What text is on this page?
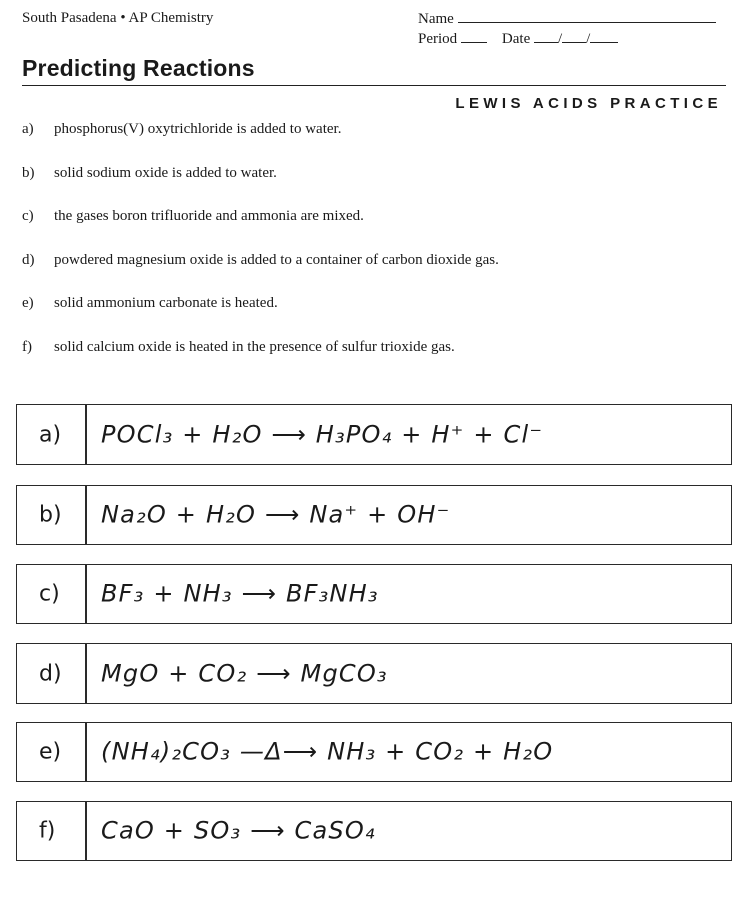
South Pasadena • AP Chemistry	Name
Period	Date / /
Predicting Reactions
LEWIS ACIDS PRACTICE
a) phosphorus(V) oxytrichloride is added to water.
b) solid sodium oxide is added to water.
c) the gases boron trifluoride and ammonia are mixed.
d) powdered magnesium oxide is added to a container of carbon dioxide gas.
e) solid ammonium carbonate is heated.
f) solid calcium oxide is heated in the presence of sulfur trioxide gas.
a) POCl₃ + H₂O ⟶ H₃PO₄ + H⁺ + Cl⁻
b) Na₂O + H₂O ⟶ Na⁺ + OH⁻
c) BF₃ + NH₃ ⟶ BF₃NH₃
d) MgO + CO₂ ⟶ MgCO₃
e) (NH₄)₂CO₃ —Δ⟶ NH₃ + CO₂ + H₂O
f) CaO + SO₃ ⟶ CaSO₄
